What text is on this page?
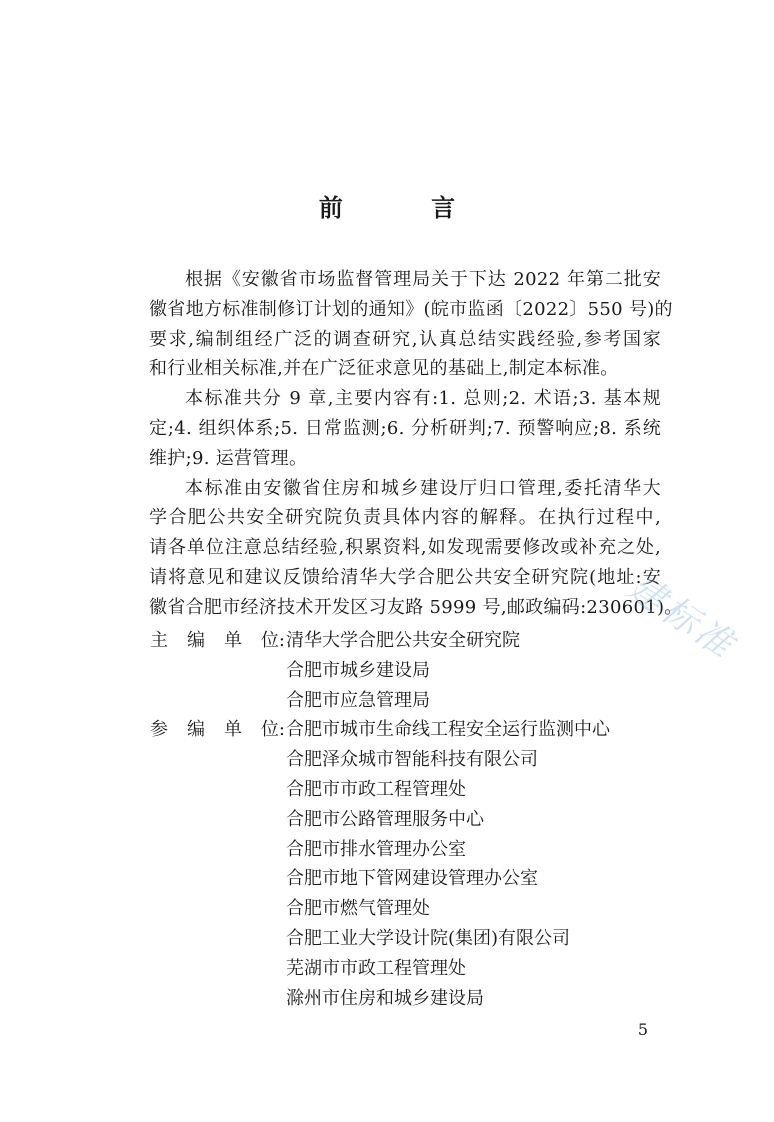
前 言
根据《安徽省市场监督管理局关于下达 2022 年第二批安
徽省地方标准制修订计划的通知》(皖市监函〔2022〕550 号)的
要求,编制组经广泛的调查研究,认真总结实践经验,参考国家
和行业相关标准,并在广泛征求意见的基础上,制定本标准。
本标准共分 9 章,主要内容有:1. 总则;2. 术语;3. 基本规
定;4. 组织体系;5. 日常监测;6. 分析研判;7. 预警响应;8. 系统
维护;9. 运营管理。
本标准由安徽省住房和城乡建设厅归口管理,委托清华大
学合肥公共安全研究院负责具体内容的解释。在执行过程中,
请各单位注意总结经验,积累资料,如发现需要修改或补充之处,
请将意见和建议反馈给清华大学合肥公共安全研究院(地址:安
徽省合肥市经济技术开发区习友路 5999 号,邮政编码:230601)。
主 编 单 位: 清华大学合肥公共安全研究院
合肥市城乡建设局
合肥市应急管理局
参 编 单 位: 合肥市城市生命线工程安全运行监测中心
合肥泽众城市智能科技有限公司
合肥市市政工程管理处
合肥市公路管理服务中心
合肥市排水管理办公室
合肥市地下管网建设管理办公室
合肥市燃气管理处
合肥工业大学设计院(集团)有限公司
芜湖市市政工程管理处
滁州市住房和城乡建设局
建标准
5
